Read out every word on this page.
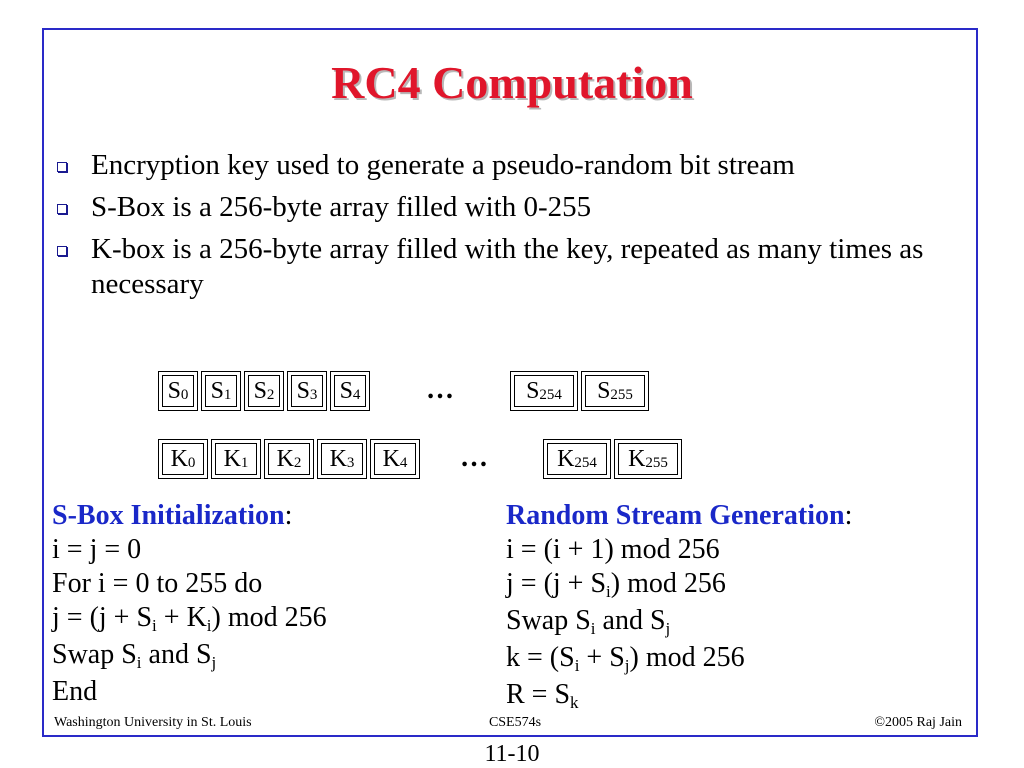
RC4 Computation
Encryption key used to generate a pseudo-random bit stream
S-Box is a 256-byte array filled with 0-255
K-box is a 256-byte array filled with the key, repeated as many times as necessary
$S_0$ $S_1$ $S_2$ $S_3$ $S_4$ …	$S_{254}$ $S_{255}$
$K_0$ $K_1$ $K_2$ $K_3$ $K_4$ …	$K_{254}$ $K_{255}$
S-Box Initialization:
i = j = 0
For i = 0 to 255 do
$j = (j + S_i + K_i)$ mod 256
Swap $S_i$ and $S_j$
End
Random Stream Generation:
i = (i + 1) mod 256
$j = (j + S_i)$ mod 256
Swap $S_i$ and $S_j$
$k = (S_i + S_j)$ mod 256
$R = S_k$
Washington University in St. Louis	CSE574s	©2005 Raj Jain
11-10
